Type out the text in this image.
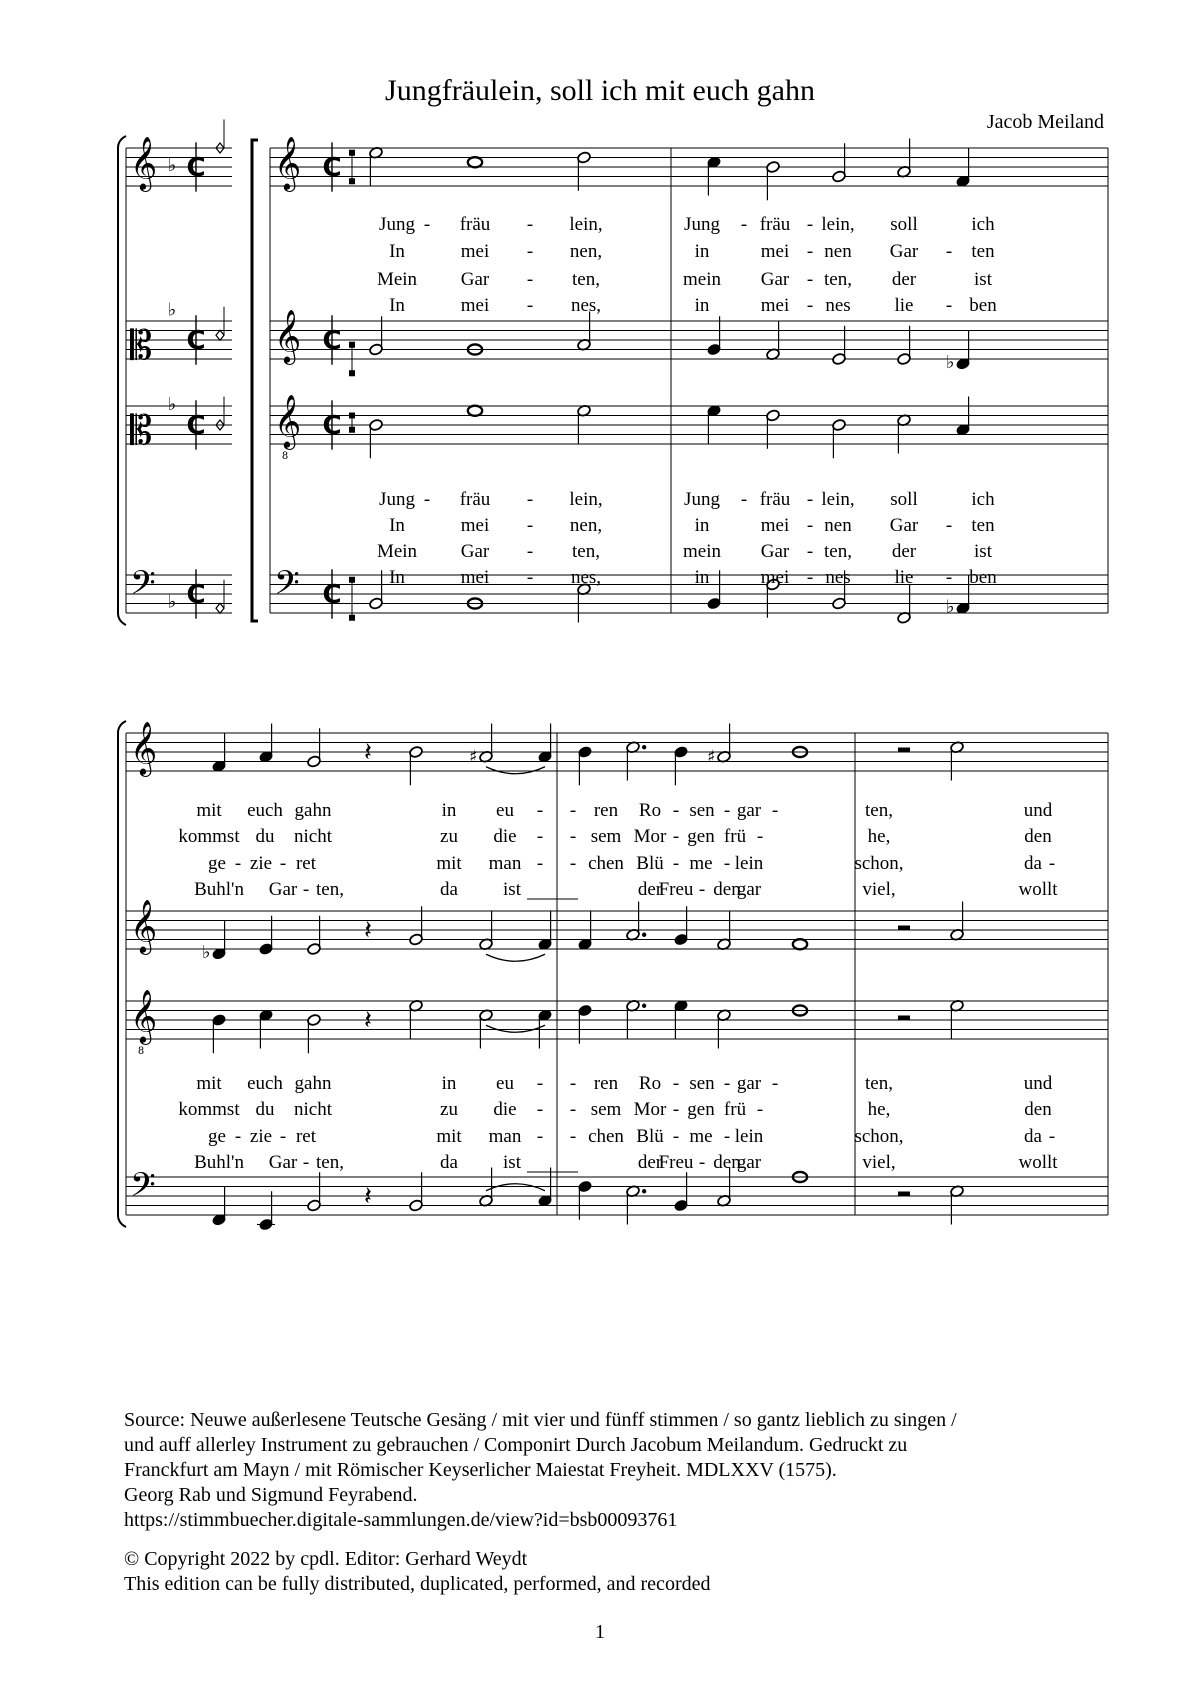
𝄞	𝄞
♭ C	C
𝄡	𝄞
♭
C	C
𝄡	𝄞
8
♭
C	C
𝄢	𝄢
♭ C	C
♭
♭
Jung - fräu - lein,	Jung - fräu - lein, soll	ich
In	mei - nen,	in	mei - nen Gar - ten
Mein Gar - ten,	mein Gar - ten, der	ist
In	mei - nes,	in	mei - nes lie - ben
Jung - fräu - lein,	Jung - fräu - lein, soll	ich
In	mei - nen,	in	mei - nen Gar - ten
Mein Gar - ten,	mein Gar - ten, der	ist
In	mei - nes,	in	mei - nes lie - ben
𝄞
𝄞
𝄞
8
𝄢
𝄽	♯	♯
♭
𝄽
𝄽
𝄽
mit euch gahn	in eu - - ren Ro - sen - gar -	ten,	und
kommst du nicht	zu die - - sem Mor - gen frü -	he,	den
ge - zie - ret	mit man - - chen Blü - me - lein	schon,	da -
Buhl'n Gar - ten,	da ist	der
Freu - den
gar	viel,	wollt
mit euch gahn	in eu - - ren Ro - sen - gar -	ten,	und
kommst du nicht	zu die - - sem Mor - gen frü -	he,	den
ge - zie - ret	mit man - - chen Blü - me - lein	schon,	da -
Buhl'n Gar - ten,	da ist	der
Freu - den
gar	viel,	wollt
Jungfräulein, soll ich mit euch gahn
Jacob Meiland
Source: Neuwe außerlesene Teutsche Gesäng / mit vier und fünff stimmen / so gantz lieblich zu singen /
und auff allerley Instrument zu gebrauchen / Componirt Durch Jacobum Meilandum. Gedruckt zu
Franckfurt am Mayn / mit Römischer Keyserlicher Maiestat Freyheit. MDLXXV (1575).
Georg Rab und Sigmund Feyrabend.
https://stimmbuecher.digitale-sammlungen.de/view?id=bsb00093761
© Copyright 2022 by cpdl. Editor: Gerhard Weydt
This edition can be fully distributed, duplicated, performed, and recorded
1
